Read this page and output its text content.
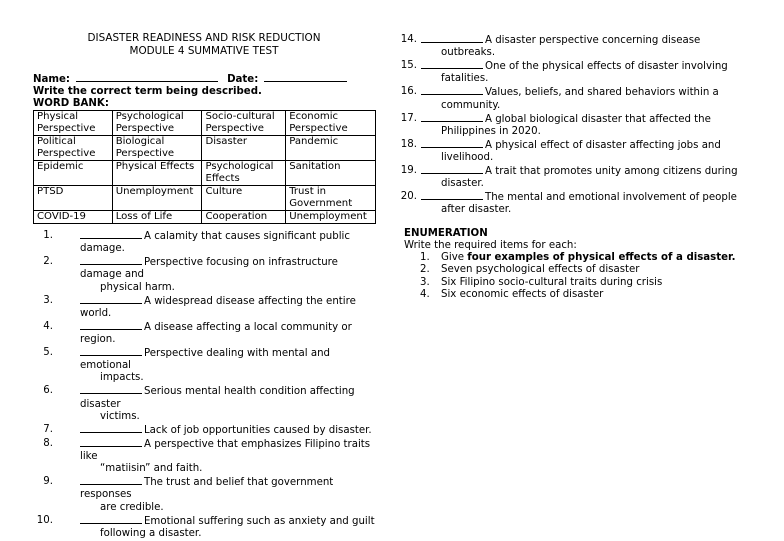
DISASTER READINESS AND RISK REDUCTION
MODULE 4 SUMMATIVE TEST
Name:	Date:
Write the correct term being described.
WORD BANK:
Physical Perspective	Psychological Perspective	Socio-cultural Perspective	Economic Perspective
Political Perspective	Biological Perspective	Disaster	Pandemic
Epidemic	Physical Effects	Psychological Effects	Sanitation
PTSD	Unemployment	Culture	Trust in Government
COVID-19	Loss of Life	Cooperation	Unemployment
1.	A calamity that causes significant public damage.
2.	Perspective focusing on infrastructure damage and
physical harm.
3.	A widespread disease affecting the entire world.
4.	A disease affecting a local community or region.
5.	Perspective dealing with mental and emotional
impacts.
6.	Serious mental health condition affecting disaster
victims.
7.	Lack of job opportunities caused by disaster.
8.	A perspective that emphasizes Filipino traits like
“matiisin” and faith.
9.	The trust and belief that government responses
are credible.
10.	Emotional suffering such as anxiety and guilt
following a disaster.
14.	A disaster perspective concerning disease
outbreaks.
15.	One of the physical effects of disaster involving
fatalities.
16.	Values, beliefs, and shared behaviors within a
community.
17.	A global biological disaster that affected the
Philippines in 2020.
18.	A physical effect of disaster affecting jobs and
livelihood.
19.	A trait that promotes unity among citizens during
disaster.
20.	The mental and emotional involvement of people
after disaster.
ENUMERATION
Write the required items for each:
1. Give four examples of physical effects of a disaster.
2. Seven psychological effects of disaster
3. Six Filipino socio-cultural traits during crisis
4. Six economic effects of disaster
